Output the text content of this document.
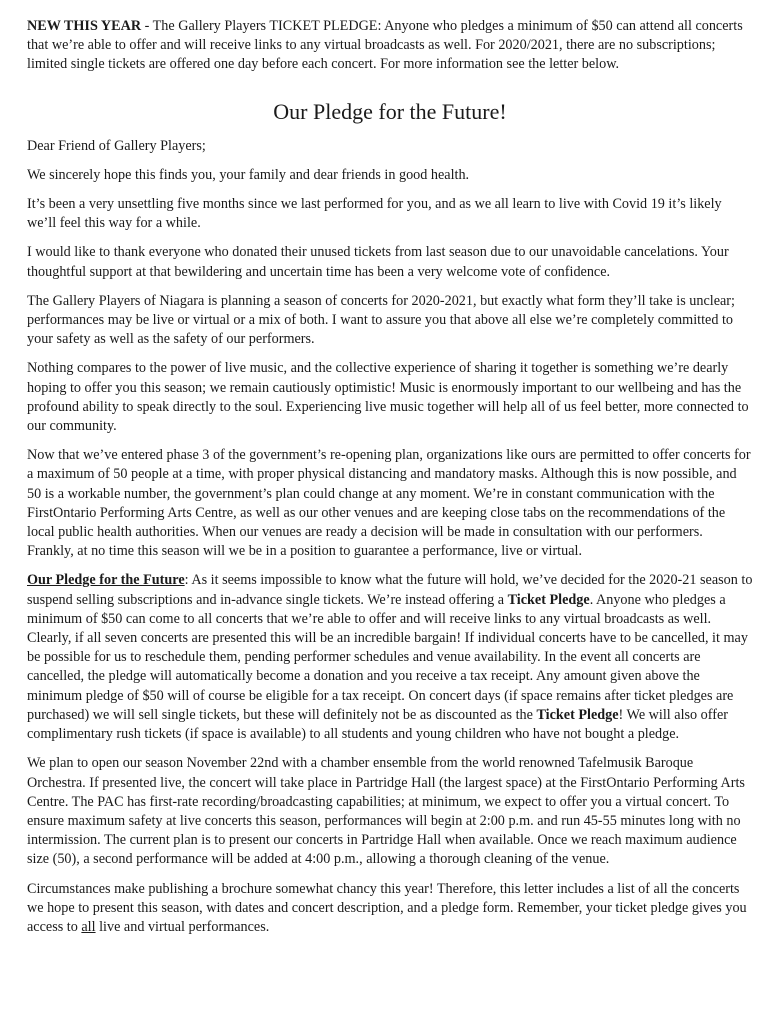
NEW THIS YEAR - The Gallery Players TICKET PLEDGE: Anyone who pledges a minimum of $50 can attend all concerts that we’re able to offer and will receive links to any virtual broadcasts as well. For 2020/2021, there are no subscriptions; limited single tickets are offered one day before each concert. For more information see the letter below.

Our Pledge for the Future!

Dear Friend of Gallery Players;

We sincerely hope this finds you, your family and dear friends in good health.

It’s been a very unsettling five months since we last performed for you, and as we all learn to live with Covid 19 it’s likely we’ll feel this way for a while.

I would like to thank everyone who donated their unused tickets from last season due to our unavoidable cancelations. Your thoughtful support at that bewildering and uncertain time has been a very welcome vote of confidence.

The Gallery Players of Niagara is planning a season of concerts for 2020-2021, but exactly what form they’ll take is unclear; performances may be live or virtual or a mix of both. I want to assure you that above all else we’re completely committed to your safety as well as the safety of our performers.

Nothing compares to the power of live music, and the collective experience of sharing it together is something we’re dearly hoping to offer you this season; we remain cautiously optimistic! Music is enormously important to our wellbeing and has the profound ability to speak directly to the soul. Experiencing live music together will help all of us feel better, more connected to our community.

Now that we’ve entered phase 3 of the government’s re-opening plan, organizations like ours are permitted to offer concerts for a maximum of 50 people at a time, with proper physical distancing and mandatory masks. Although this is now possible, and 50 is a workable number, the government’s plan could change at any moment. We’re in constant communication with the FirstOntario Performing Arts Centre, as well as our other venues and are keeping close tabs on the recommendations of the local public health authorities. When our venues are ready a decision will be made in consultation with our performers. Frankly, at no time this season will we be in a position to guarantee a performance, live or virtual.

Our Pledge for the Future: As it seems impossible to know what the future will hold, we’ve decided for the 2020-21 season to suspend selling subscriptions and in-advance single tickets. We’re instead offering a Ticket Pledge. Anyone who pledges a minimum of $50 can come to all concerts that we’re able to offer and will receive links to any virtual broadcasts as well. Clearly, if all seven concerts are presented this will be an incredible bargain! If individual concerts have to be cancelled, it may be possible for us to reschedule them, pending performer schedules and venue availability. In the event all concerts are cancelled, the pledge will automatically become a donation and you receive a tax receipt. Any amount given above the minimum pledge of $50 will of course be eligible for a tax receipt. On concert days (if space remains after ticket pledges are purchased) we will sell single tickets, but these will definitely not be as discounted as the Ticket Pledge! We will also offer complimentary rush tickets (if space is available) to all students and young children who have not bought a pledge.

We plan to open our season November 22nd with a chamber ensemble from the world renowned Tafelmusik Baroque Orchestra. If presented live, the concert will take place in Partridge Hall (the largest space) at the FirstOntario Performing Arts Centre. The PAC has first-rate recording/broadcasting capabilities; at minimum, we expect to offer you a virtual concert. To ensure maximum safety at live concerts this season, performances will begin at 2:00 p.m. and run 45-55 minutes long with no intermission. The current plan is to present our concerts in Partridge Hall when available. Once we reach maximum audience size (50), a second performance will be added at 4:00 p.m., allowing a thorough cleaning of the venue.

Circumstances make publishing a brochure somewhat chancy this year! Therefore, this letter includes a list of all the concerts we hope to present this season, with dates and concert description, and a pledge form. Remember, your ticket pledge gives you access to all live and virtual performances.
